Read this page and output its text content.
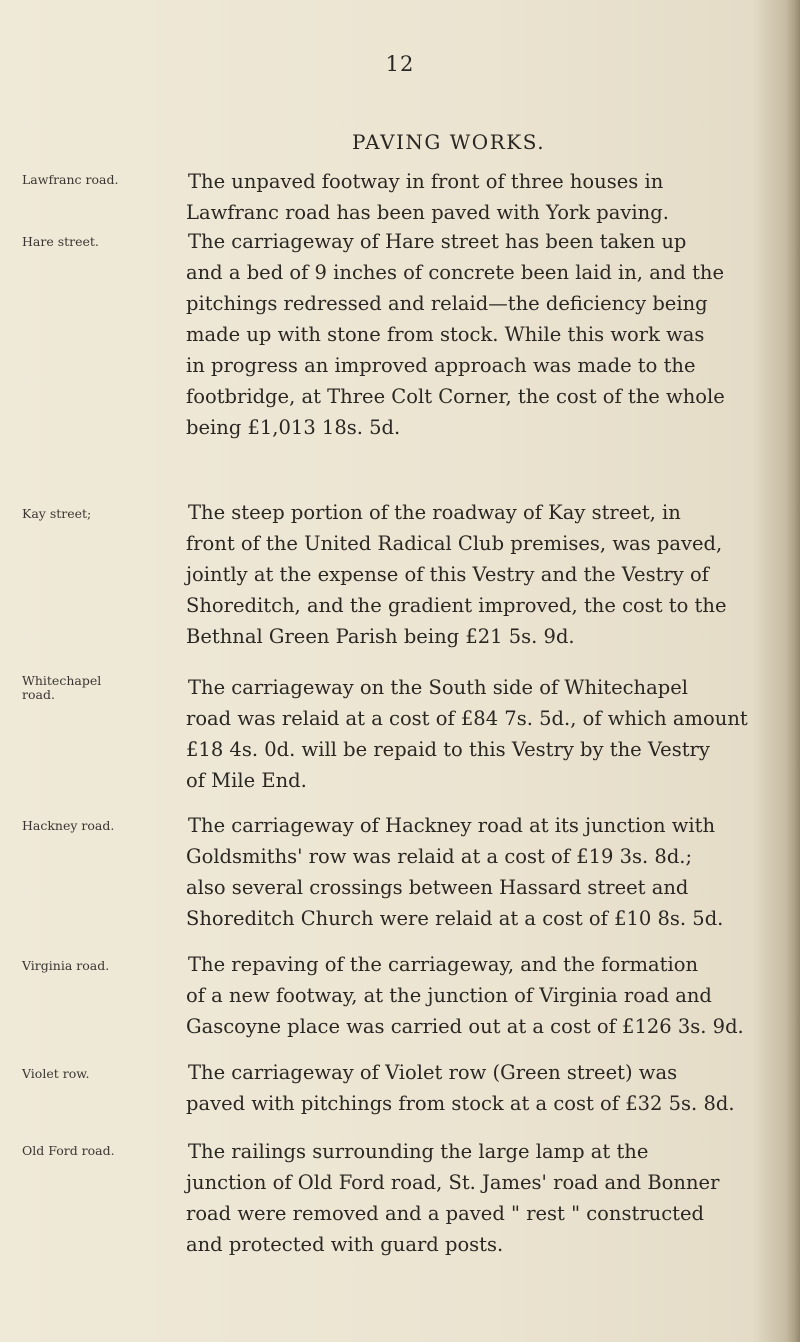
12
PAVING WORKS.
Lawfranc road.	The unpaved footway in front of three houses in
Lawfranc road has been paved with York paving.
Hare street.	The carriageway of Hare street has been taken up
and a bed of 9 inches of concrete been laid in, and the
pitchings redressed and relaid—the deficiency being
made up with stone from stock. While this work was
in progress an improved approach was made to the
footbridge, at Three Colt Corner, the cost of the whole
being £1,013 18s. 5d.
Kay street;	The steep portion of the roadway of Kay street, in
front of the United Radical Club premises, was paved,
jointly at the expense of this Vestry and the Vestry of
Shoreditch, and the gradient improved, the cost to the
Bethnal Green Parish being £21 5s. 9d.
Whitechapel
road.	The carriageway on the South side of Whitechapel
road was relaid at a cost of £84 7s. 5d., of which amount
£18 4s. 0d. will be repaid to this Vestry by the Vestry
of Mile End.
Hackney road.	The carriageway of Hackney road at its junction with
Goldsmiths' row was relaid at a cost of £19 3s. 8d.;
also several crossings between Hassard street and
Shoreditch Church were relaid at a cost of £10 8s. 5d.
Virginia road.	The repaving of the carriageway, and the formation
of a new footway, at the junction of Virginia road and
Gascoyne place was carried out at a cost of £126 3s. 9d.
Violet row.	The carriageway of Violet row (Green street) was
paved with pitchings from stock at a cost of £32 5s. 8d.
Old Ford road.	The railings surrounding the large lamp at the
junction of Old Ford road, St. James' road and Bonner
road were removed and a paved " rest " constructed
and protected with guard posts.
